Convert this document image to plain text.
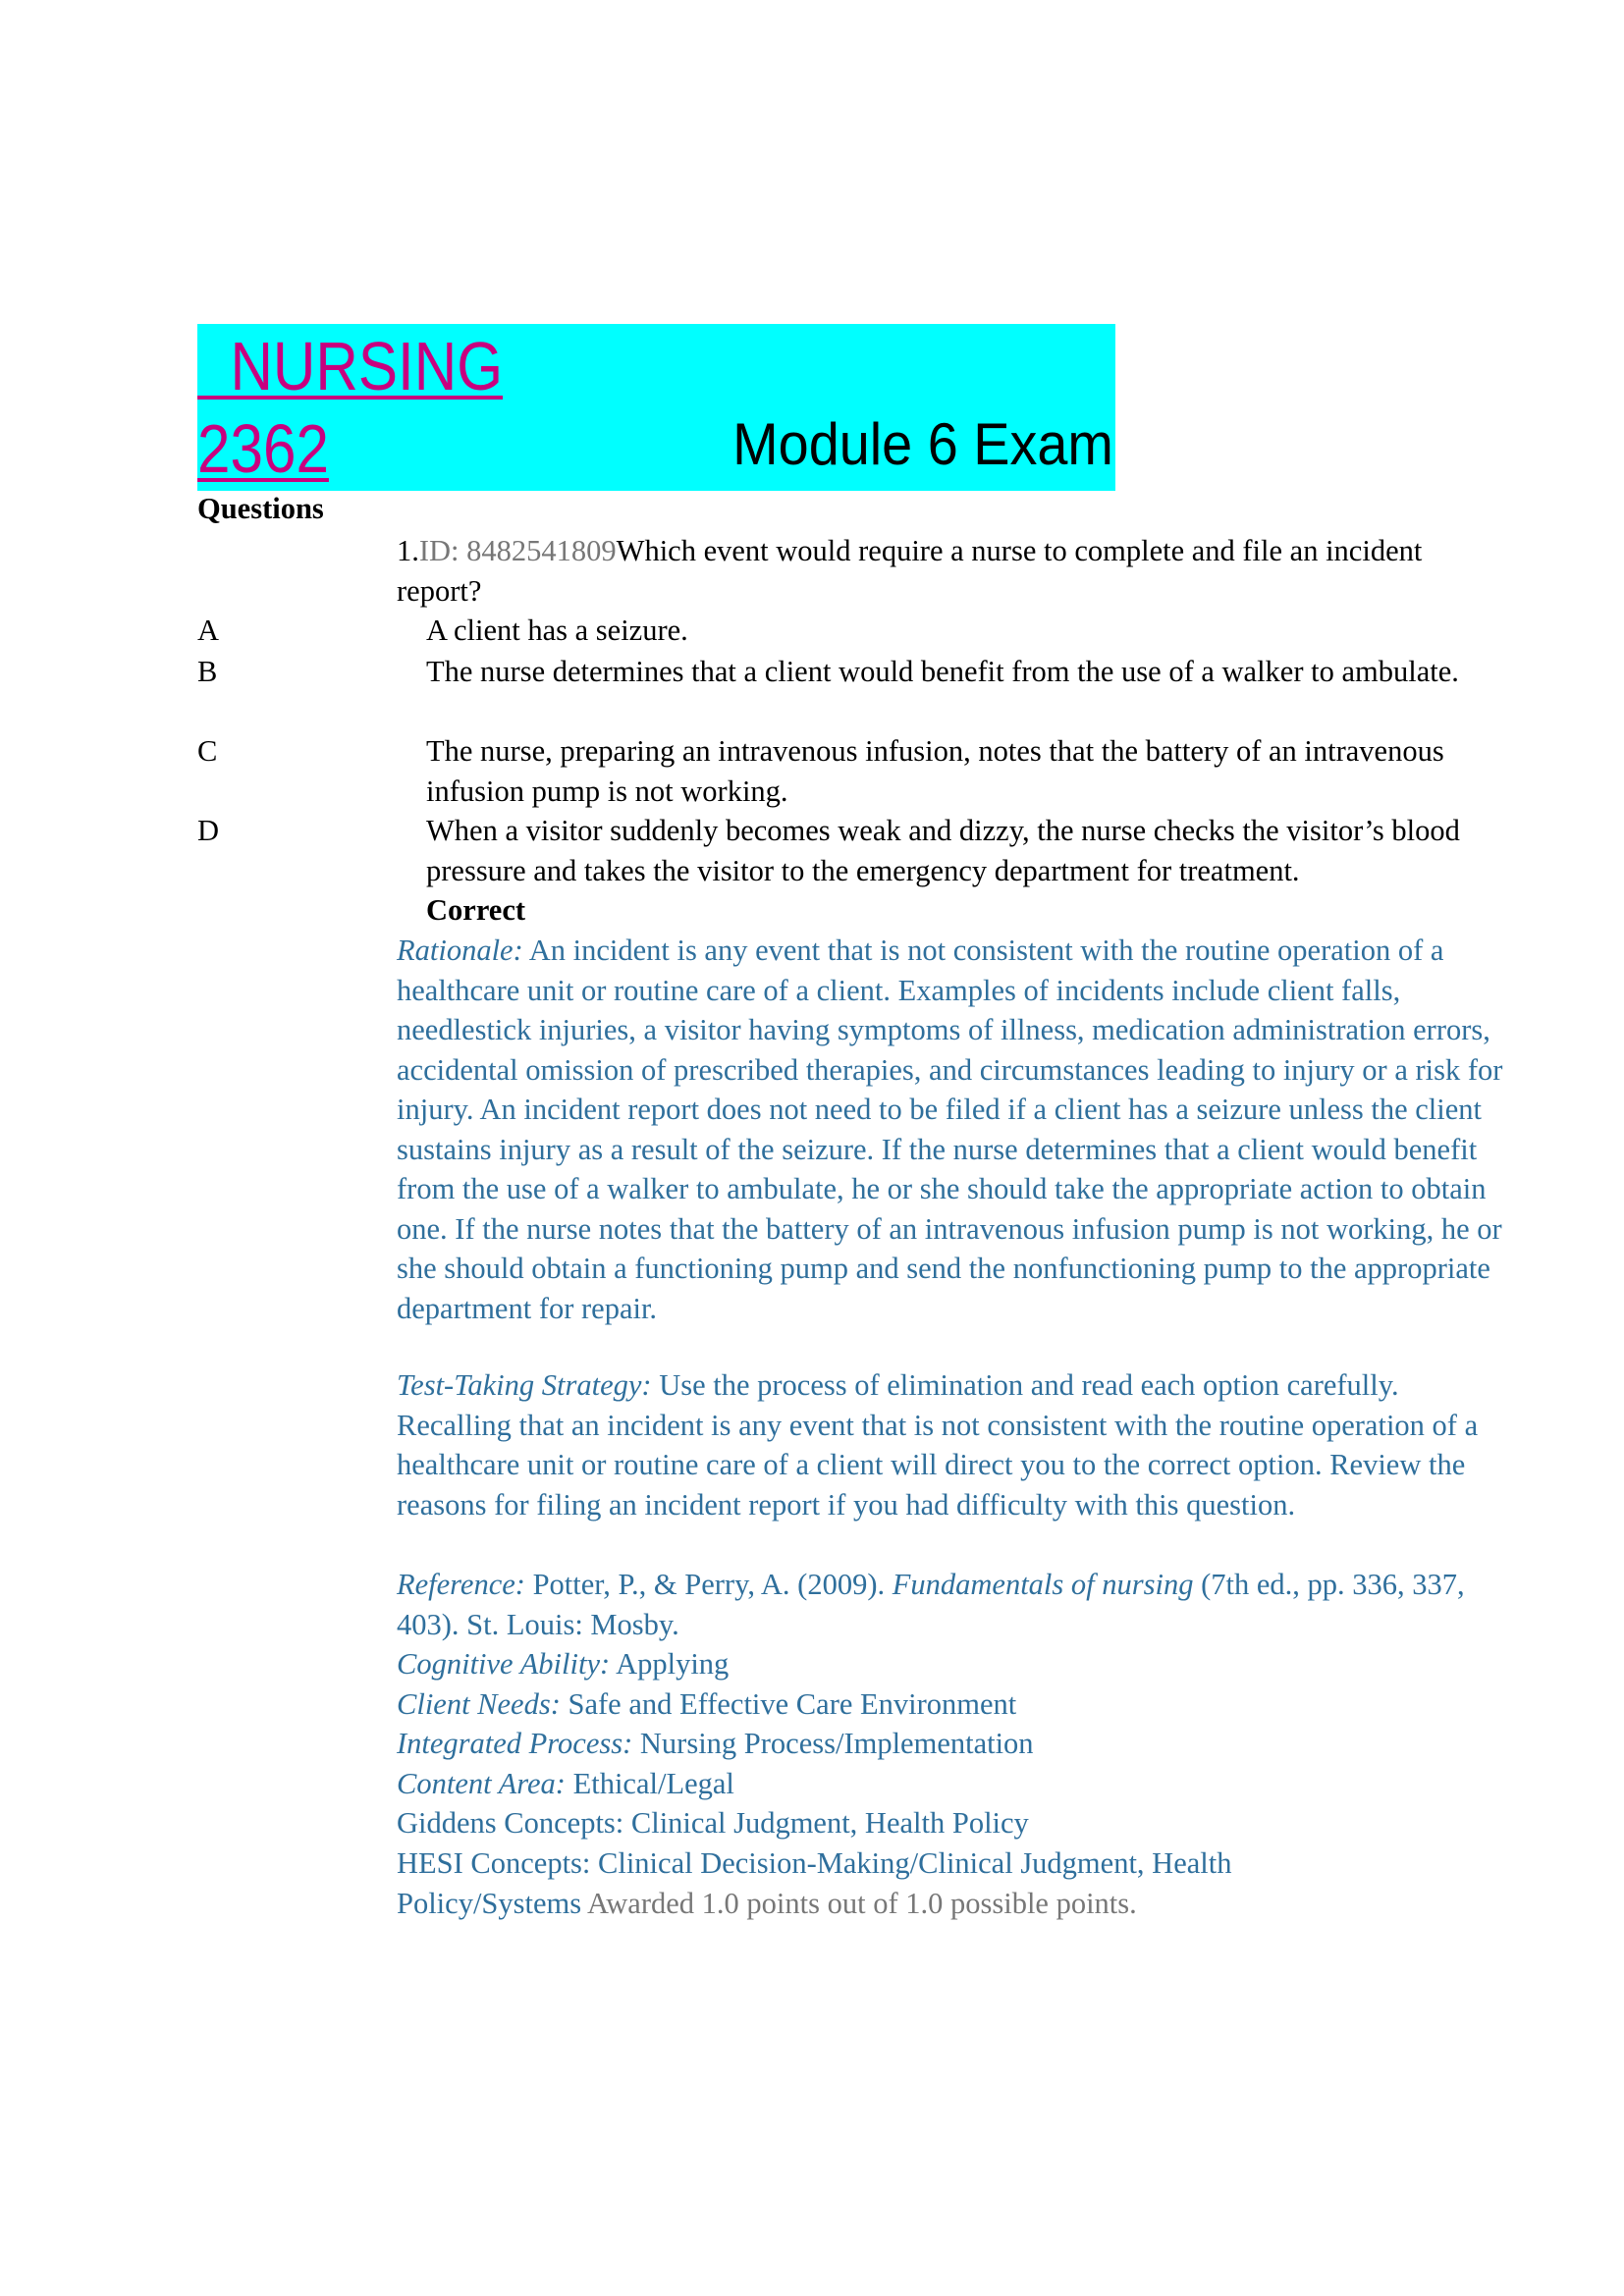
NURSING
2362	Module 6 Exam
Questions
1.ID: 8482541809Which event would require a nurse to complete and file an incident report?
A	A client has a seizure.
B	The nurse determines that a client would benefit from the use of a walker to ambulate.
C	The nurse, preparing an intravenous infusion, notes that the battery of an intravenous infusion pump is not working.
D	When a visitor suddenly becomes weak and dizzy, the nurse checks the visitor’s blood pressure and takes the visitor to the emergency department for treatment.
Correct
Rationale: An incident is any event that is not consistent with the routine operation of a healthcare unit or routine care of a client. Examples of incidents include client falls, needlestick injuries, a visitor having symptoms of illness, medication administration errors, accidental omission of prescribed therapies, and circumstances leading to injury or a risk for injury. An incident report does not need to be filed if a client has a seizure unless the client sustains injury as a result of the seizure. If the nurse determines that a client would benefit from the use of a walker to ambulate, he or she should take the appropriate action to obtain one. If the nurse notes that the battery of an intravenous infusion pump is not working, he or she should obtain a functioning pump and send the nonfunctioning pump to the appropriate department for repair.
Test-Taking Strategy: Use the process of elimination and read each option carefully. Recalling that an incident is any event that is not consistent with the routine operation of a healthcare unit or routine care of a client will direct you to the correct option. Review the reasons for filing an incident report if you had difficulty with this question.
Reference: Potter, P., & Perry, A. (2009). Fundamentals of nursing (7th ed., pp. 336, 337, 403). St. Louis: Mosby.
Cognitive Ability: Applying
Client Needs: Safe and Effective Care Environment
Integrated Process: Nursing Process/Implementation
Content Area: Ethical/Legal
Giddens Concepts: Clinical Judgment, Health Policy
HESI Concepts: Clinical Decision-Making/Clinical Judgment, Health Policy/Systems Awarded 1.0 points out of 1.0 possible points.
